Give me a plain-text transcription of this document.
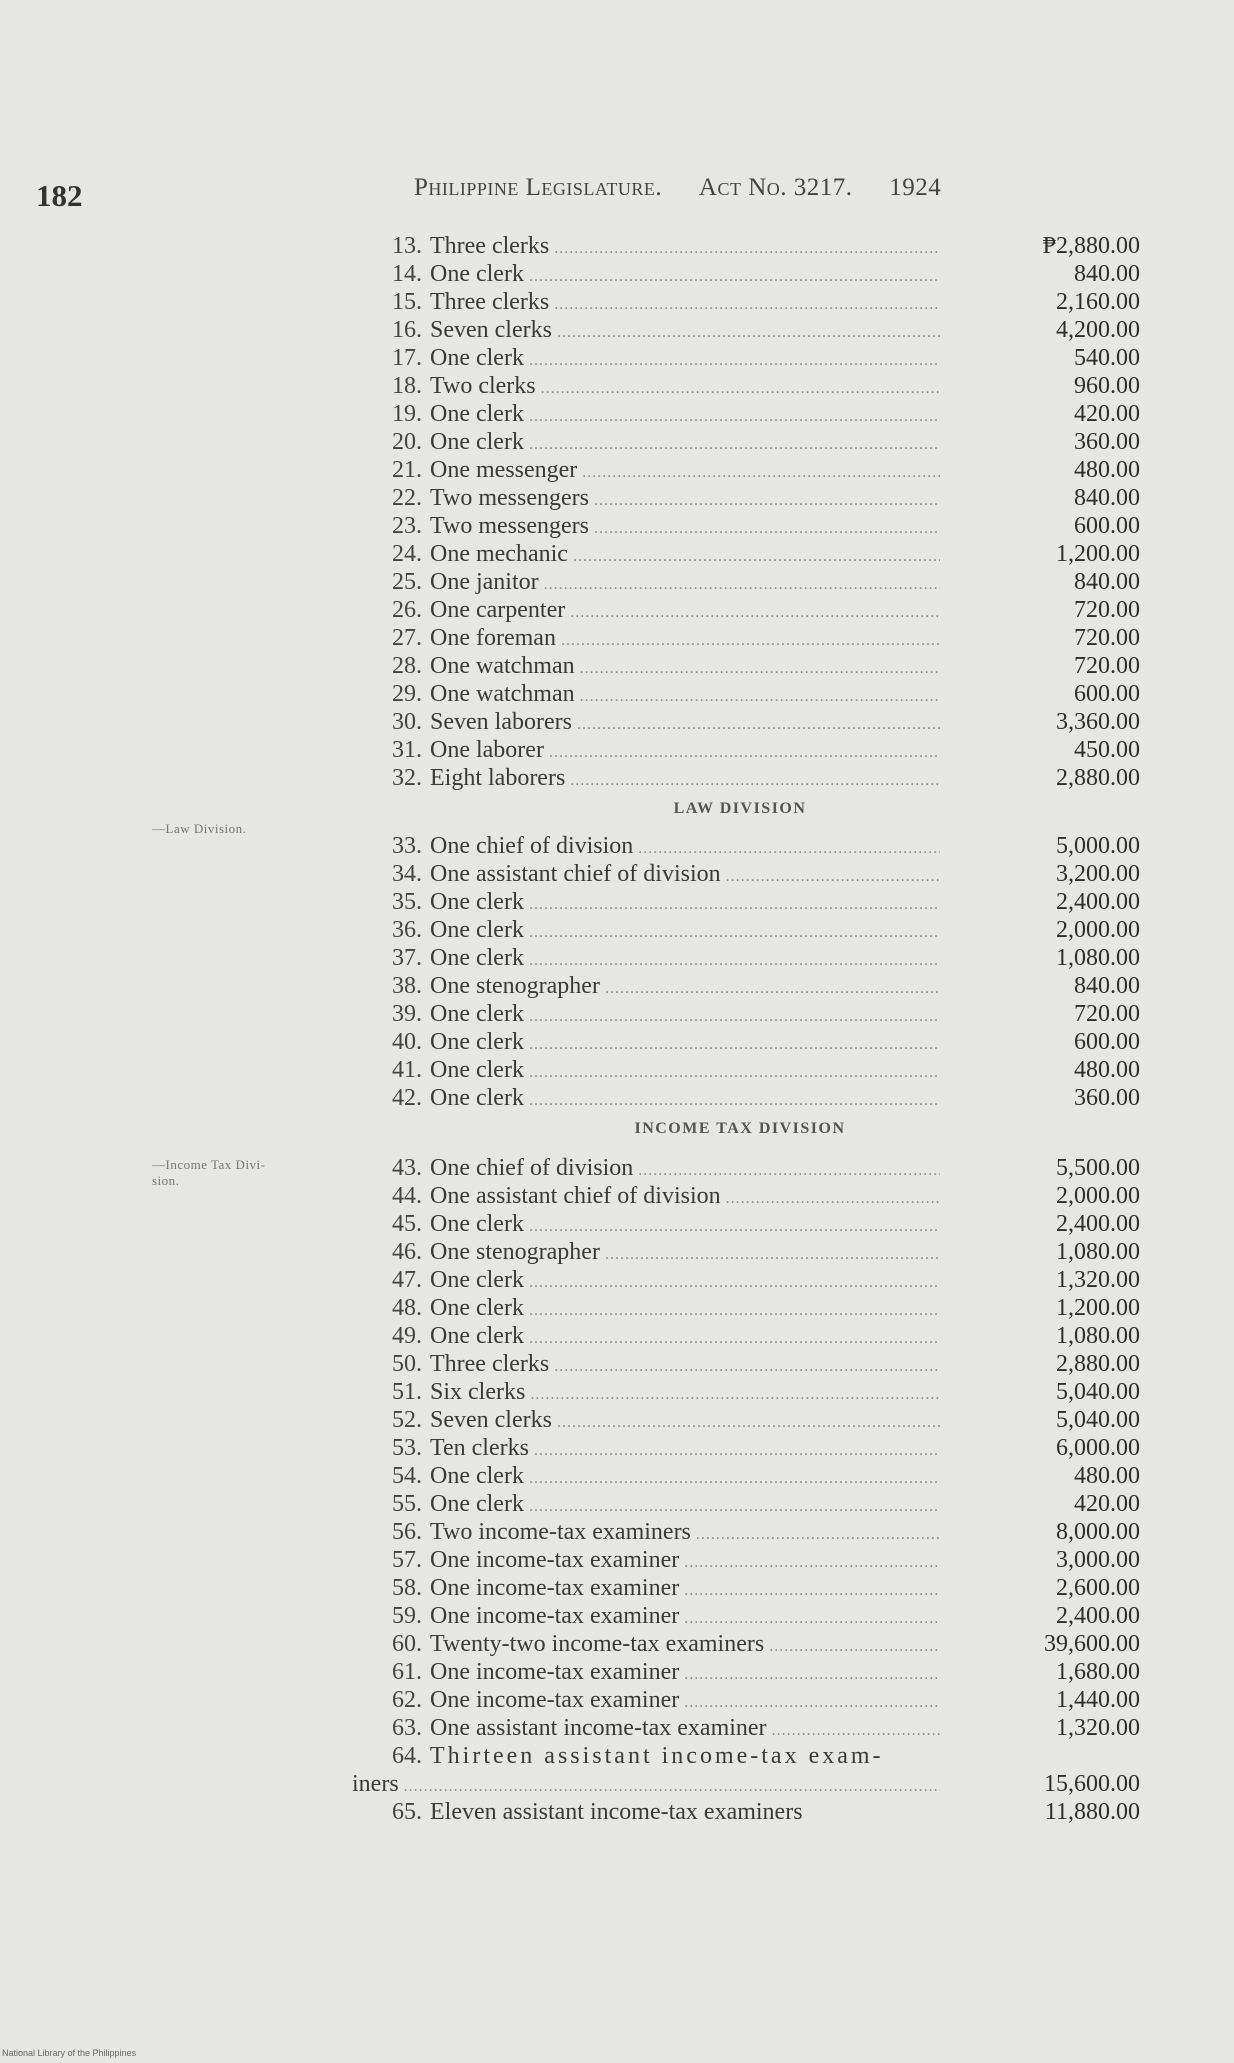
182	Philippine Legislature. Act No. 3217. 1924
—Law Division.
—Income Tax Divi-
sion.
13. Three clerks .....	₱2,880.00
14. One clerk .....	840.00
15. Three clerks .....	2,160.00
16. Seven clerks .....	4,200.00
17. One clerk .....	540.00
18. Two clerks .....	960.00
19. One clerk .....	420.00
20. One clerk .....	360.00
21. One messenger .....	480.00
22. Two messengers .....	840.00
23. Two messengers .....	600.00
24. One mechanic .....	1,200.00
25. One janitor .....	840.00
26. One carpenter .....	720.00
27. One foreman .....	720.00
28. One watchman .....	720.00
29. One watchman .....	600.00
30. Seven laborers .....	3,360.00
31. One laborer .....	450.00
32. Eight laborers .....	2,880.00
LAW DIVISION
33. One chief of division .....	5,000.00
34. One assistant chief of division .....	3,200.00
35. One clerk .....	2,400.00
36. One clerk .....	2,000.00
37. One clerk .....	1,080.00
38. One stenographer .....	840.00
39. One clerk .....	720.00
40. One clerk .....	600.00
41. One clerk .....	480.00
42. One clerk .....	360.00
INCOME TAX DIVISION
43. One chief of division .....	5,500.00
44. One assistant chief of division .....	2,000.00
45. One clerk .....	2,400.00
46. One stenographer .....	1,080.00
47. One clerk .....	1,320.00
48. One clerk .....	1,200.00
49. One clerk .....	1,080.00
50. Three clerks .....	2,880.00
51. Six clerks .....	5,040.00
52. Seven clerks .....	5,040.00
53. Ten clerks .....	6,000.00
54. One clerk .....	480.00
55. One clerk .....	420.00
56. Two income-tax examiners .....	8,000.00
57. One income-tax examiner .....	3,000.00
58. One income-tax examiner .....	2,600.00
59. One income-tax examiner .....	2,400.00
60. Twenty-two income-tax examiners .....	39,600.00
61. One income-tax examiner .....	1,680.00
62. One income-tax examiner .....	1,440.00
63. One assistant income-tax examiner .....	1,320.00
64. Thirteen assistant income-tax exam-
iners .....	15,600.00
65. Eleven assistant income-tax examiners	11,880.00
National Library of the Philippines
